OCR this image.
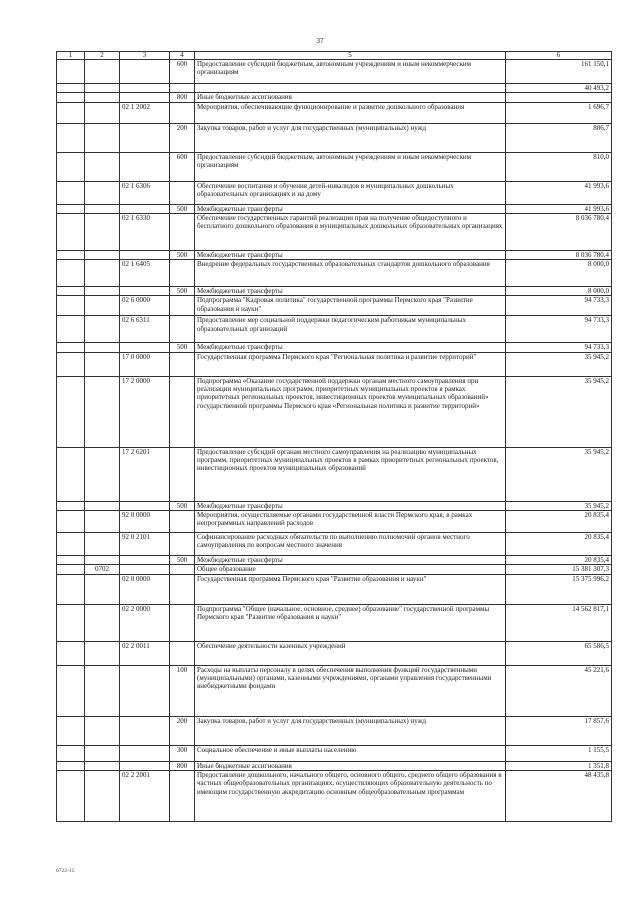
37
1	2	3	4	5	6
			600	Предоставление субсидий бюджетным, автономным учреждениям и иным некоммерческим организациям	161 150,1
					40 493,2
			800	Иные бюджетные ассигнования	
		02 1 2002		Мероприятия, обеспечивающие функционирование и развитие дошкольного образования	1 696,7
			200	Закупка товаров, работ и услуг для государственных (муниципальных) нужд	886,7
			600	Предоставление субсидий бюджетным, автономным учреждениям и иным некоммерческим организациям	810,0
		02 1 6306		Обеспечение воспитания и обучения детей-инвалидов в муниципальных дошкольных образовательных организациях и на дому	41 993,6
			500	Межбюджетные трансферты	41 993,6
		02 1 6330		Обеспечение государственных гарантий реализации прав на получение общедоступного и бесплатного дошкольного образования в муниципальных дошкольных образовательных организациях	8 036 780,4
			500	Межбюджетные трансферты	8 036 780,4
		02 1 6405		Внедрение федеральных государственных образовательных стандартов дошкольного образования	8 000,0
			500	Межбюджетные трансферты	8 000,0
		02 6 0000		Подпрограмма "Кадровая политика" государственной программы Пермского края "Развитие образования и науки"	94 733,3
		02 6 6311		Предоставление мер социальной поддержки педагогическим работникам муниципальных образовательных организаций	94 733,3
			500	Межбюджетные трансферты	94 733,3
		17 0 0000		Государственная программа Пермского края "Региональная политика и развитие территорий"	35 945,2
		17 2 0000		Подпрограмма «Оказание государственной поддержки органам местного самоуправления при реализации муниципальных программ, приоритетных муниципальных проектов в рамках приоритетных региональных проектов, инвестиционных проектов муниципальных образований» государственной программы Пермского края «Региональная политика и развитие территорий»	35 945,2
		17 2 6201		Предоставление субсидий органам местного самоуправления на реализацию муниципальных программ, приоритетных муниципальных проектов в рамках приоритетных региональных проектов, инвестиционных проектов муниципальных образований	35 945,2
			500	Межбюджетные трансферты	35 945,2
		92 0 0000		Мероприятия, осуществляемые органами государственной власти Пермского края, в рамках непрограммных направлений расходов	20 835,4
		92 0 2101		Софинансирование расходных обязательств по выполнению полномочий органов местного самоуправления по вопросам местного значения	20 835,4
			500	Межбюджетные трансферты	20 835,4
	0702			Общее образование	15 381 307,3
		02 0 0000		Государственная программа Пермского края "Развитие образования и науки"	15 375 996,2
		02 2 0000		Подпрограмма "Общее (начальное, основное, среднее) образование" государственной программы Пермского края "Развитие образования и науки"	14 562 817,1
		02 2 0011		Обеспечение деятельности казенных учреждений	65 586,5
			100	Расходы на выплаты персоналу в целях обеспечения выполнения функций государственными (муниципальными) органами, казенными учреждениями, органами управления государственными внебюджетными фондами	45 221,6
			200	Закупка товаров, работ и услуг для государственных (муниципальных) нужд	17 857,6
			300	Социальное обеспечение и иные выплаты населению	1 155,5
			800	Иные бюджетные ассигнования	1 351,8
		02 2 2001		Предоставление дошкольного, начального общего, основного общего, среднего общего образования в частных общеобразовательных организациях, осуществляющих образовательную деятельность по имеющим государственную аккредитацию основным общеобразовательным программам	48 435,8
6722-15
